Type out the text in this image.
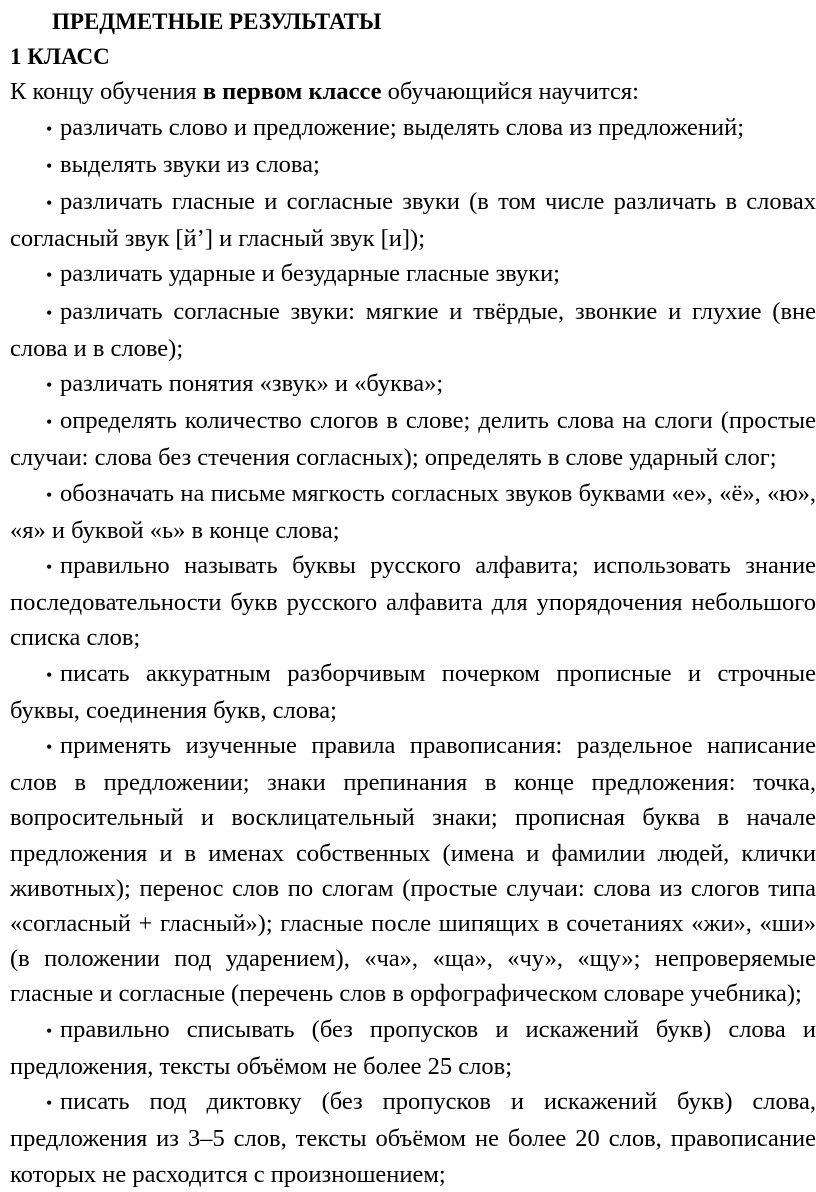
ПРЕДМЕТНЫЕ РЕЗУЛЬТАТЫ

1 КЛАСС

К концу обучения в первом классе обучающийся научится:

• различать слово и предложение; выделять слова из предложений;
• выделять звуки из слова;
• различать гласные и согласные звуки (в том числе различать в словах согласный звук [й’] и гласный звук [и]);
• различать ударные и безударные гласные звуки;
• различать согласные звуки: мягкие и твёрдые, звонкие и глухие (вне слова и в слове);
• различать понятия «звук» и «буква»;
• определять количество слогов в слове; делить слова на слоги (простые случаи: слова без стечения согласных); определять в слове ударный слог;
• обозначать на письме мягкость согласных звуков буквами «е», «ё», «ю», «я» и буквой «ь» в конце слова;
• правильно называть буквы русского алфавита; использовать знание последовательности букв русского алфавита для упорядочения небольшого списка слов;
• писать аккуратным разборчивым почерком прописные и строчные буквы, соединения букв, слова;
• применять изученные правила правописания: раздельное написание слов в предложении; знаки препинания в конце предложения: точка, вопросительный и восклицательный знаки; прописная буква в начале предложения и в именах собственных (имена и фамилии людей, клички животных); перенос слов по слогам (простые случаи: слова из слогов типа «согласный + гласный»); гласные после шипящих в сочетаниях «жи», «ши» (в положении под ударением), «ча», «ща», «чу», «щу»; непроверяемые гласные и согласные (перечень слов в орфографическом словаре учебника);
• правильно списывать (без пропусков и искажений букв) слова и предложения, тексты объёмом не более 25 слов;
• писать под диктовку (без пропусков и искажений букв) слова, предложения из 3–5 слов, тексты объёмом не более 20 слов, правописание которых не расходится с произношением;
